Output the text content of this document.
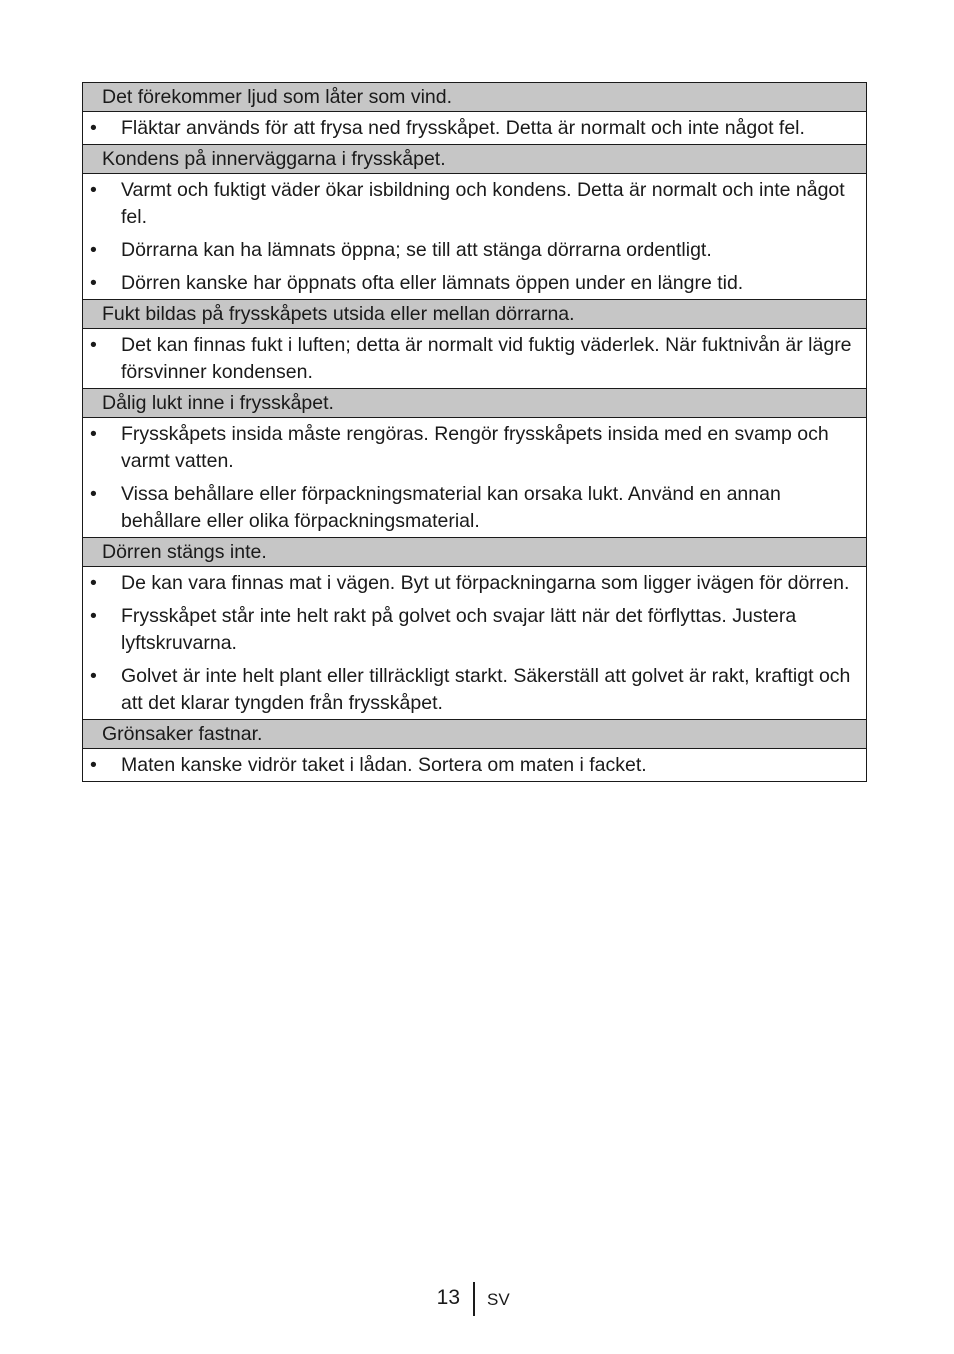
Det förekommer ljud som låter som vind.
•	Fläktar används för att frysa ned frysskåpet. Detta är normalt och inte något fel.
Kondens på innerväggarna i frysskåpet.
•	Varmt och fuktigt väder ökar isbildning och kondens. Detta är normalt och inte något fel.
•	Dörrarna kan ha lämnats öppna; se till att stänga dörrarna ordentligt.
•	Dörren kanske har öppnats ofta eller lämnats öppen under en längre tid.
Fukt bildas på frysskåpets utsida eller mellan dörrarna.
•	Det kan finnas fukt i luften; detta är normalt vid fuktig väderlek. När fuktnivån är lägre försvinner kondensen.
Dålig lukt inne i frysskåpet.
•	Frysskåpets insida måste rengöras. Rengör frysskåpets insida med en svamp och varmt vatten.
•	Vissa behållare eller förpackningsmaterial kan orsaka lukt. Använd en annan behållare eller olika förpackningsmaterial.
Dörren stängs inte.
•	De kan vara finnas mat i vägen. Byt ut förpackningarna som ligger ivägen för dörren.
•	Frysskåpet står inte helt rakt på golvet och svajar lätt när det förflyttas. Justera lyftskruvarna.
•	Golvet är inte helt plant eller tillräckligt starkt. Säkerställ att golvet är rakt, kraftigt och att det klarar tyngden från frysskåpet.
Grönsaker fastnar.
•	Maten kanske vidrör taket i lådan. Sortera om maten i facket.
13 SV
